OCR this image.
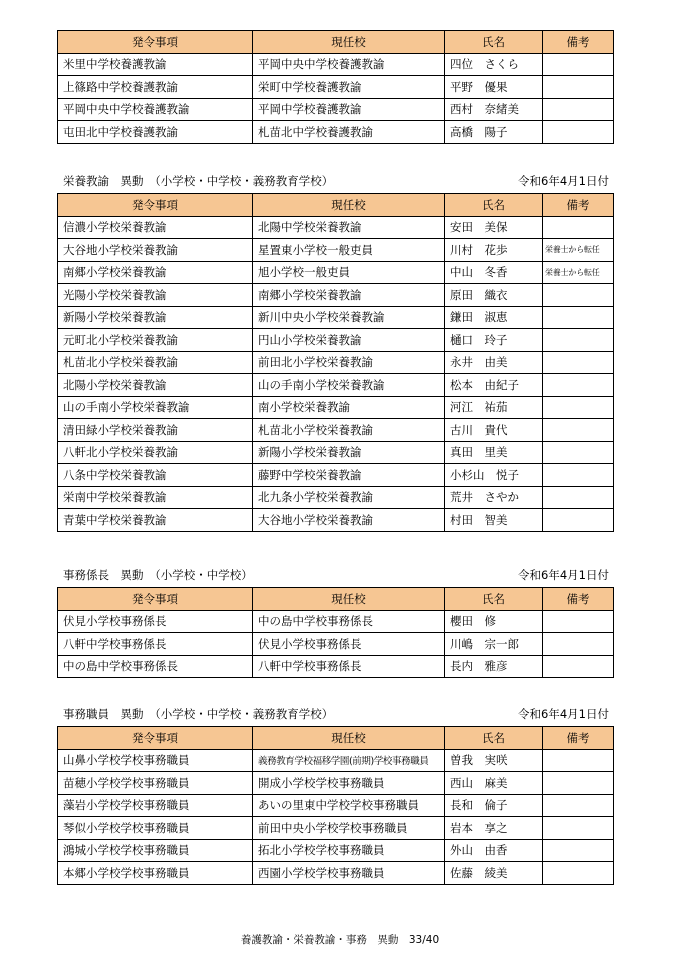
発令事項	現任校	氏名	備考
米里中学校養護教諭	平岡中央中学校養護教諭	四位　さくら	
上篠路中学校養護教諭	栄町中学校養護教諭	平野　優果	
平岡中央中学校養護教諭	平岡中学校養護教諭	西村　奈緒美	
屯田北中学校養護教諭	札苗北中学校養護教諭	高橋　陽子	
栄養教諭　異動　（小学校・中学校・義務教育学校）	令和6年4月1日付
発令事項	現任校	氏名	備考
信濃小学校栄養教諭	北陽中学校栄養教諭	安田　美保	
大谷地小学校栄養教諭	星置東小学校一般吏員	川村　花歩	栄養士から転任
南郷小学校栄養教諭	旭小学校一般吏員	中山　冬香	栄養士から転任
光陽小学校栄養教諭	南郷小学校栄養教諭	原田　織衣	
新陽小学校栄養教諭	新川中央小学校栄養教諭	鎌田　淑恵	
元町北小学校栄養教諭	円山小学校栄養教諭	樋口　玲子	
札苗北小学校栄養教諭	前田北小学校栄養教諭	永井　由美	
北陽小学校栄養教諭	山の手南小学校栄養教諭	松本　由紀子	
山の手南小学校栄養教諭	南小学校栄養教諭	河江　祐茄	
清田緑小学校栄養教諭	札苗北小学校栄養教諭	古川　貴代	
八軒北小学校栄養教諭	新陽小学校栄養教諭	真田　里美	
八条中学校栄養教諭	藤野中学校栄養教諭	小杉山　悦子	
栄南中学校栄養教諭	北九条小学校栄養教諭	荒井　さやか	
青葉中学校栄養教諭	大谷地小学校栄養教諭	村田　智美	
事務係長　異動　（小学校・中学校）	令和6年4月1日付
発令事項	現任校	氏名	備考
伏見小学校事務係長	中の島中学校事務係長	櫻田　修	
八軒中学校事務係長	伏見小学校事務係長	川嶋　宗一郎	
中の島中学校事務係長	八軒中学校事務係長	長内　雅彦	
事務職員　異動　（小学校・中学校・義務教育学校）	令和6年4月1日付
発令事項	現任校	氏名	備考
山鼻小学校学校事務職員	義務教育学校福移学園(前期)学校事務職員	曽我　実咲	
苗穂小学校学校事務職員	開成小学校学校事務職員	西山　麻美	
藻岩小学校学校事務職員	あいの里東中学校学校事務職員	長和　倫子	
琴似小学校学校事務職員	前田中央小学校学校事務職員	岩本　享之	
鴻城小学校学校事務職員	拓北小学校学校事務職員	外山　由香	
本郷小学校学校事務職員	西園小学校学校事務職員	佐藤　綾美	
養護教諭・栄養教諭・事務　異動　33/40
